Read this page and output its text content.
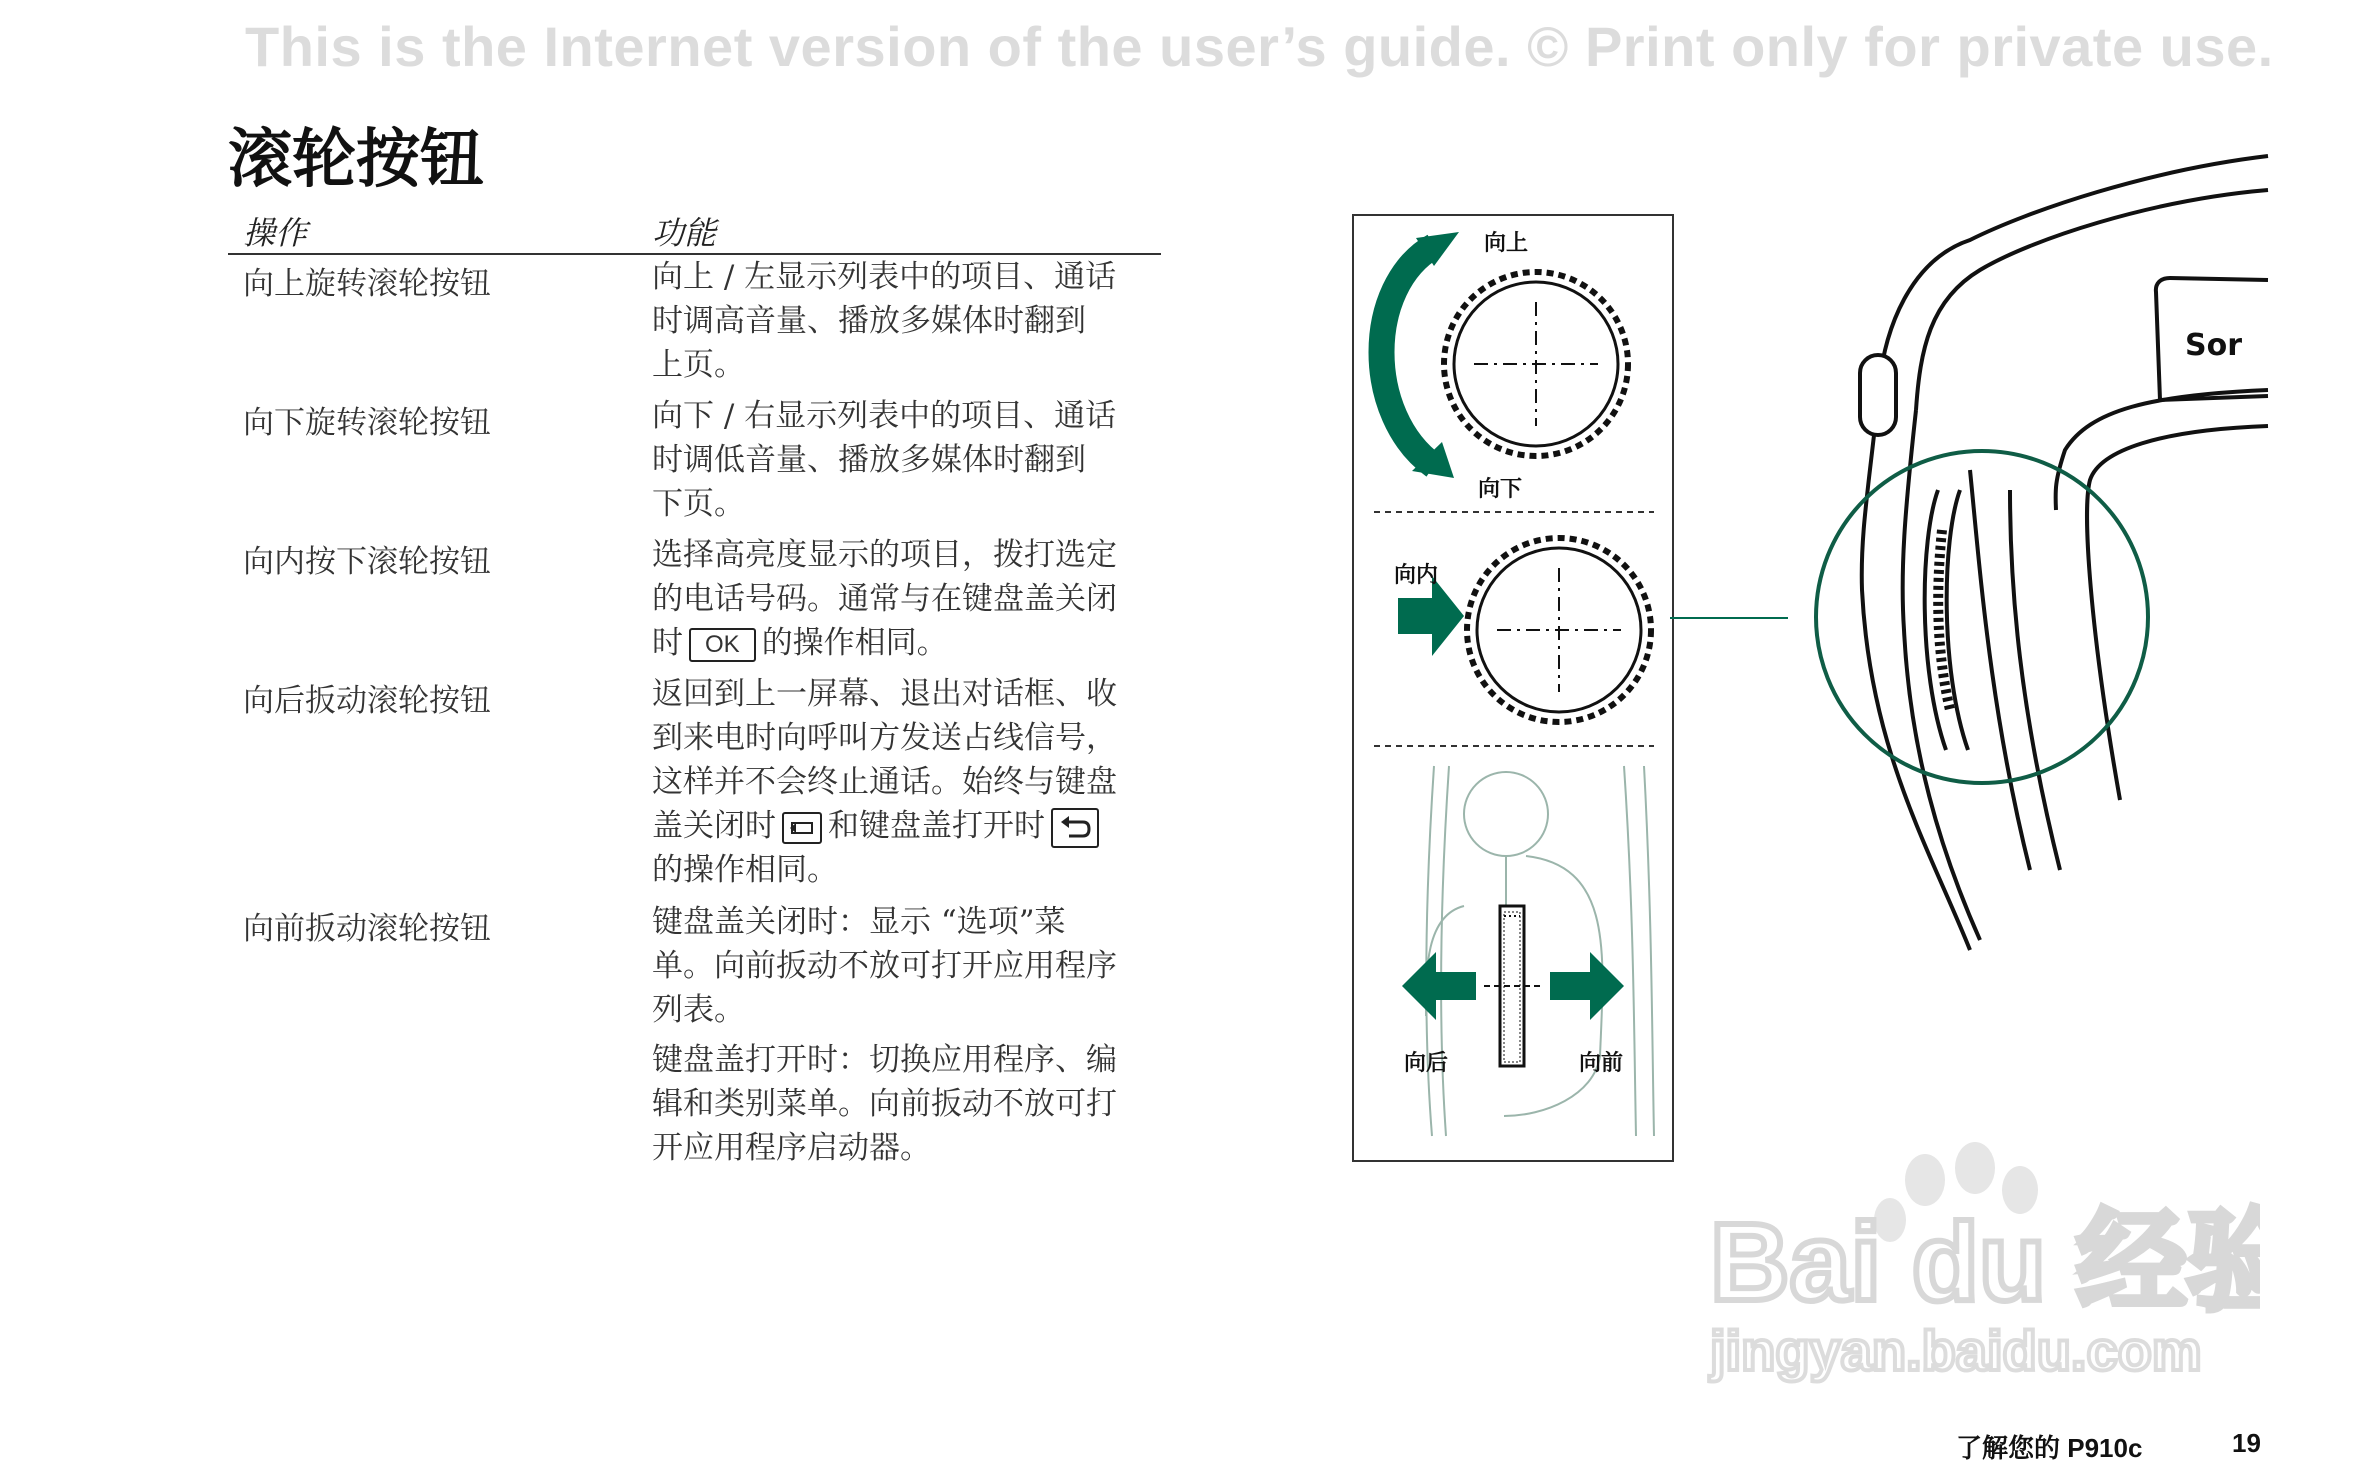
This is the Internet version of the user’s guide. © Print only for private use.
滚轮按钮
操作	功能
向上旋转滚轮按钮	向上 / 左显示列表中的项目、通话

时调高音量、播放多媒体时翻到

上页。

向下旋转滚轮按钮	向下 / 右显示列表中的项目、通话

时调低音量、播放多媒体时翻到

下页。

向内按下滚轮按钮	选择高亮度显示的项目，拨打选定

的电话号码。通常与在键盘盖关闭

时 OK 的操作相同。

向后扳动滚轮按钮	返回到上一屏幕、退出对话框、收

到来电时向呼叫方发送占线信号，

这样并不会终止通话。始终与键盘

盖关闭时 和键盘盖打开时

的操作相同。

向前扳动滚轮按钮	键盘盖关闭时：显示 “选项”菜

单。向前扳动不放可打开应用程序

列表。

键盘盖打开时：切换应用程序、编

辑和类别菜单。向前扳动不放可打

开应用程序启动器。

向上
向下
向内
向后	向前
Sor
Bai du 经验
jingyan.baidu.com
了解您的 P910c	19
